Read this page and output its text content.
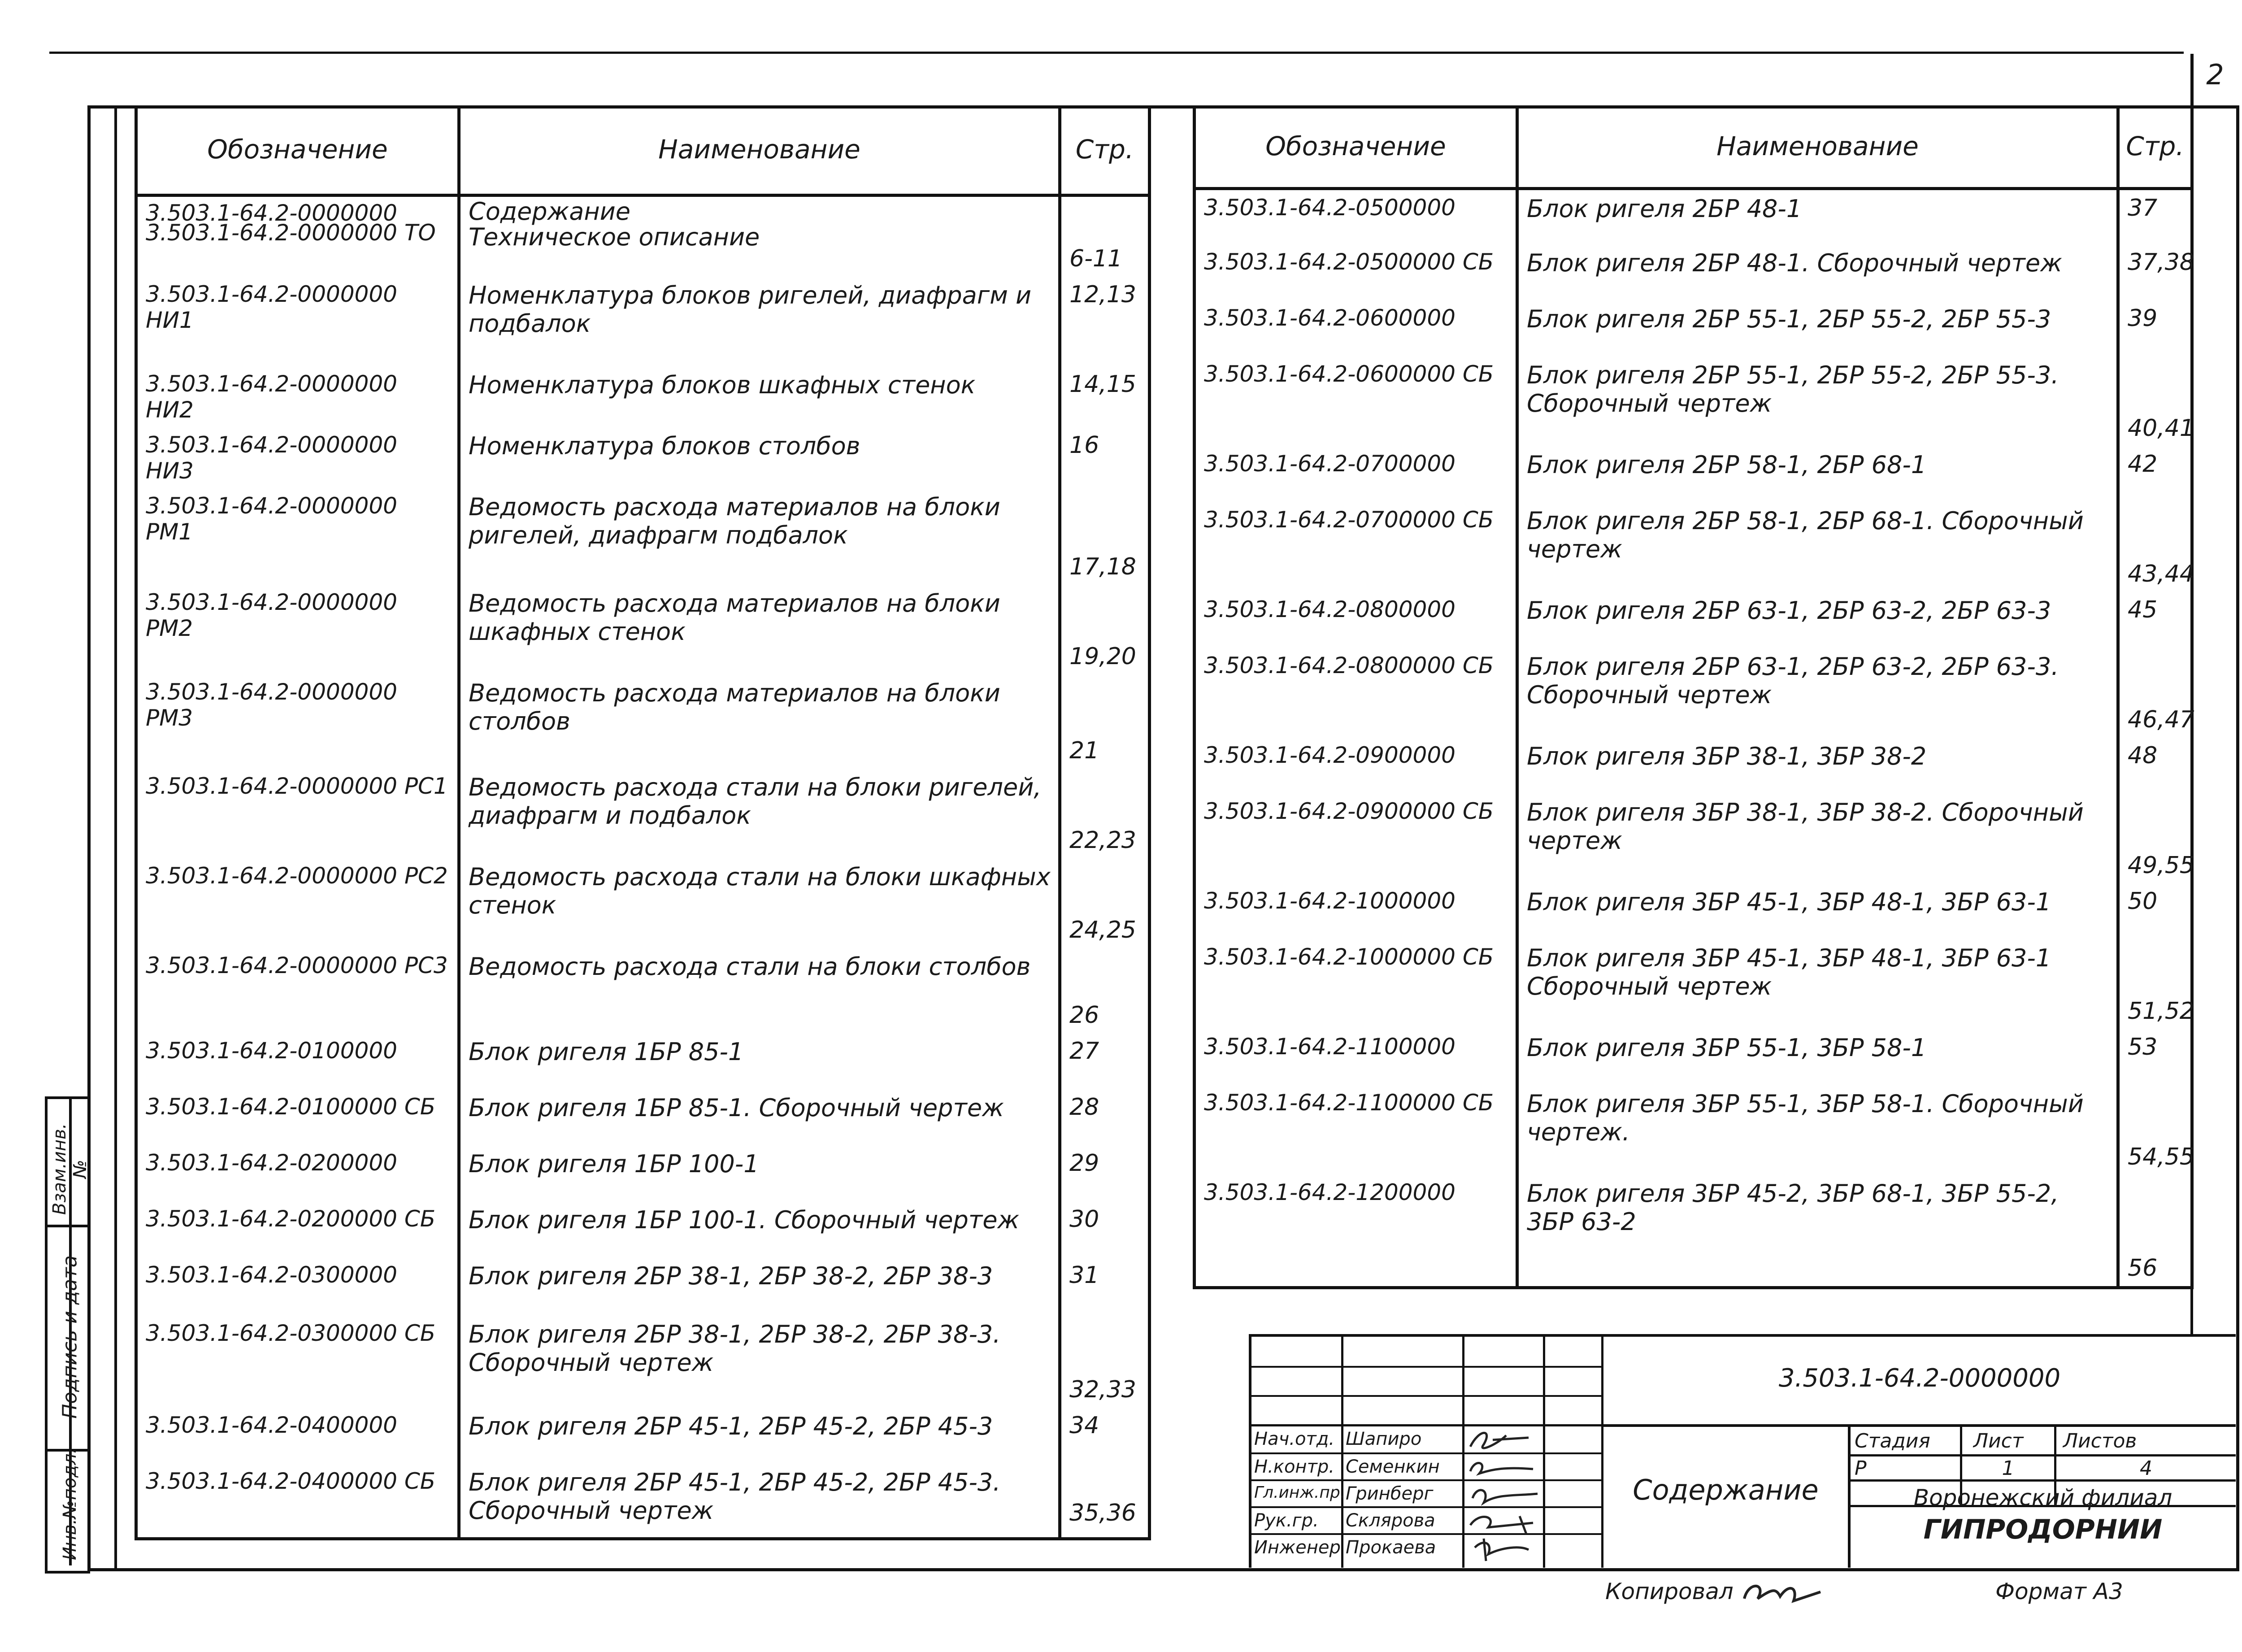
2
Взам.инв.№
Подпись и дата
Инв.№подл.
Обозначение	Наименование	Стр.
3.503.1-64.2-0000000	Содержание	
3.503.1-64.2-0000000 ТО	Техническое описание	6-11
3.503.1-64.2-0000000 НИ1	Номенклатура блоков ригелей, диафрагм и подбалок	12,13
3.503.1-64.2-0000000 НИ2	Номенклатура блоков шкафных стенок	14,15
3.503.1-64.2-0000000 НИ3	Номенклатура блоков столбов	16
3.503.1-64.2-0000000 РМ1	Ведомость расхода материалов на блоки ригелей, диафрагм подбалок	17,18
3.503.1-64.2-0000000 РМ2	Ведомость расхода материалов на блоки шкафных стенок	19,20
3.503.1-64.2-0000000 РМ3	Ведомость расхода материалов на блоки столбов	21
3.503.1-64.2-0000000 РС1	Ведомость расхода стали на блоки ригелей, диафрагм и подбалок	22,23
3.503.1-64.2-0000000 РС2	Ведомость расхода стали на блоки шкафных стенок	24,25
3.503.1-64.2-0000000 РС3	Ведомость расхода стали на блоки столбов	26
3.503.1-64.2-0100000	Блок ригеля 1БР 85-1	27
3.503.1-64.2-0100000 СБ	Блок ригеля 1БР 85-1. Сборочный чертеж	28
3.503.1-64.2-0200000	Блок ригеля 1БР 100-1	29
3.503.1-64.2-0200000 СБ	Блок ригеля 1БР 100-1. Сборочный чертеж	30
3.503.1-64.2-0300000	Блок ригеля 2БР 38-1, 2БР 38-2, 2БР 38-3	31
3.503.1-64.2-0300000 СБ	Блок ригеля 2БР 38-1, 2БР 38-2, 2БР 38-3. Сборочный чертеж	32,33
3.503.1-64.2-0400000	Блок ригеля 2БР 45-1, 2БР 45-2, 2БР 45-3	34
3.503.1-64.2-0400000 СБ	Блок ригеля 2БР 45-1, 2БР 45-2, 2БР 45-3. Сборочный чертеж	35,36
Обозначение	Наименование	Стр.
3.503.1-64.2-0500000	Блок ригеля 2БР 48-1	37
3.503.1-64.2-0500000 СБ	Блок ригеля 2БР 48-1. Сборочный чертеж	37,38
3.503.1-64.2-0600000	Блок ригеля 2БР 55-1, 2БР 55-2, 2БР 55-3	39
3.503.1-64.2-0600000 СБ	Блок ригеля 2БР 55-1, 2БР 55-2, 2БР 55-3. Сборочный чертеж	40,41
3.503.1-64.2-0700000	Блок ригеля 2БР 58-1, 2БР 68-1	42
3.503.1-64.2-0700000 СБ	Блок ригеля 2БР 58-1, 2БР 68-1. Сборочный чертеж	43,44
3.503.1-64.2-0800000	Блок ригеля 2БР 63-1, 2БР 63-2, 2БР 63-3	45
3.503.1-64.2-0800000 СБ	Блок ригеля 2БР 63-1, 2БР 63-2, 2БР 63-3. Сборочный чертеж	46,47
3.503.1-64.2-0900000	Блок ригеля 3БР 38-1, 3БР 38-2	48
3.503.1-64.2-0900000 СБ	Блок ригеля 3БР 38-1, 3БР 38-2. Сборочный чертеж	49,55
3.503.1-64.2-1000000	Блок ригеля 3БР 45-1, 3БР 48-1, 3БР 63-1	50
3.503.1-64.2-1000000 СБ	Блок ригеля 3БР 45-1, 3БР 48-1, 3БР 63-1 Сборочный чертеж	51,52
3.503.1-64.2-1100000	Блок ригеля 3БР 55-1, 3БР 58-1	53
3.503.1-64.2-1100000 СБ	Блок ригеля 3БР 55-1, 3БР 58-1. Сборочный чертеж.	54,55
3.503.1-64.2-1200000	Блок ригеля 3БР 45-2, 3БР 68-1, 3БР 55-2, 3БР 63-2	56
Нач.отд. Шапиро
Н.контр. Семенкин
Гл.инж.пр. Гринберг
Рук.гр. Склярова
Инженер Прокаева
3.503.1-64.2-0000000
Содержание
Стадия Лист Листов
Р	1	4
Воронежский филиал
ГИПРОДОРНИИ
Копировал	Формат А3
